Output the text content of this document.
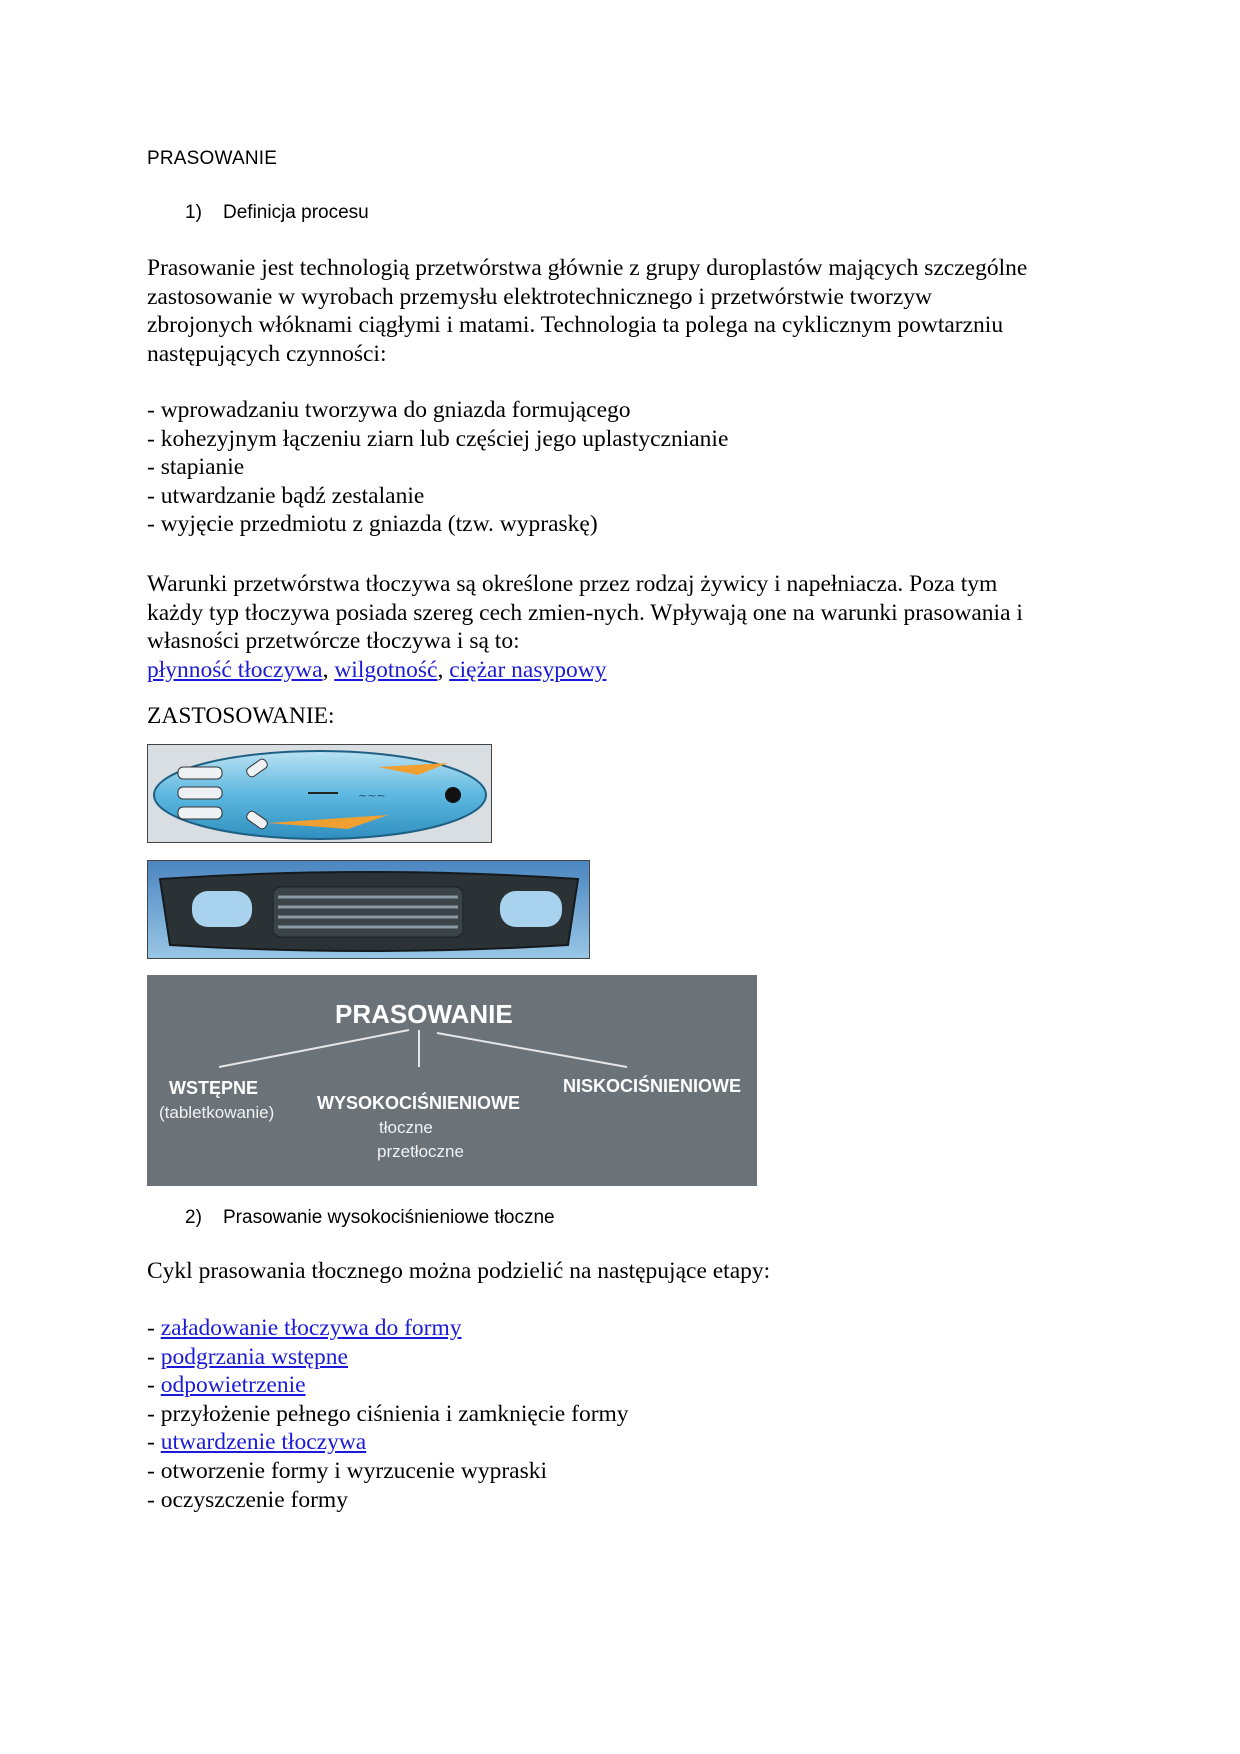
PRASOWANIE
1) Definicja procesu
Prasowanie jest technologią przetwórstwa głównie z grupy duroplastów mających szczególne
zastosowanie w wyrobach przemysłu elektrotechnicznego i przetwórstwie tworzyw
zbrojonych włóknami ciągłymi i matami. Technologia ta polega na cyklicznym powtarzniu
następujących czynności:
- wprowadzaniu tworzywa do gniazda formującego
- kohezyjnym łączeniu ziarn lub częściej jego uplastycznianie
- stapianie
- utwardzanie bądź zestalanie
- wyjęcie przedmiotu z gniazda (tzw. wypraskę)
Warunki przetwórstwa tłoczywa są określone przez rodzaj żywicy i napełniacza. Poza tym
każdy typ tłoczywa posiada szereg cech zmien-nych. Wpływają one na warunki prasowania i
własności przetwórcze tłoczywa i są to:
płynność tłoczywa, wilgotność, ciężar nasypowy
ZASTOSOWANIE:
~~~
PRASOWANIE
WSTĘPNE
(tabletkowanie) WYSOKOCIŚNIENIOWE
tłoczne
przetłoczne
NISKOCIŚNIENIOWE
2) Prasowanie wysokociśnieniowe tłoczne
Cykl prasowania tłocznego można podzielić na następujące etapy:
- załadowanie tłoczywa do formy
- podgrzania wstępne
- odpowietrzenie
- przyłożenie pełnego ciśnienia i zamknięcie formy
- utwardzenie tłoczywa
- otworzenie formy i wyrzucenie wypraski
- oczyszczenie formy
